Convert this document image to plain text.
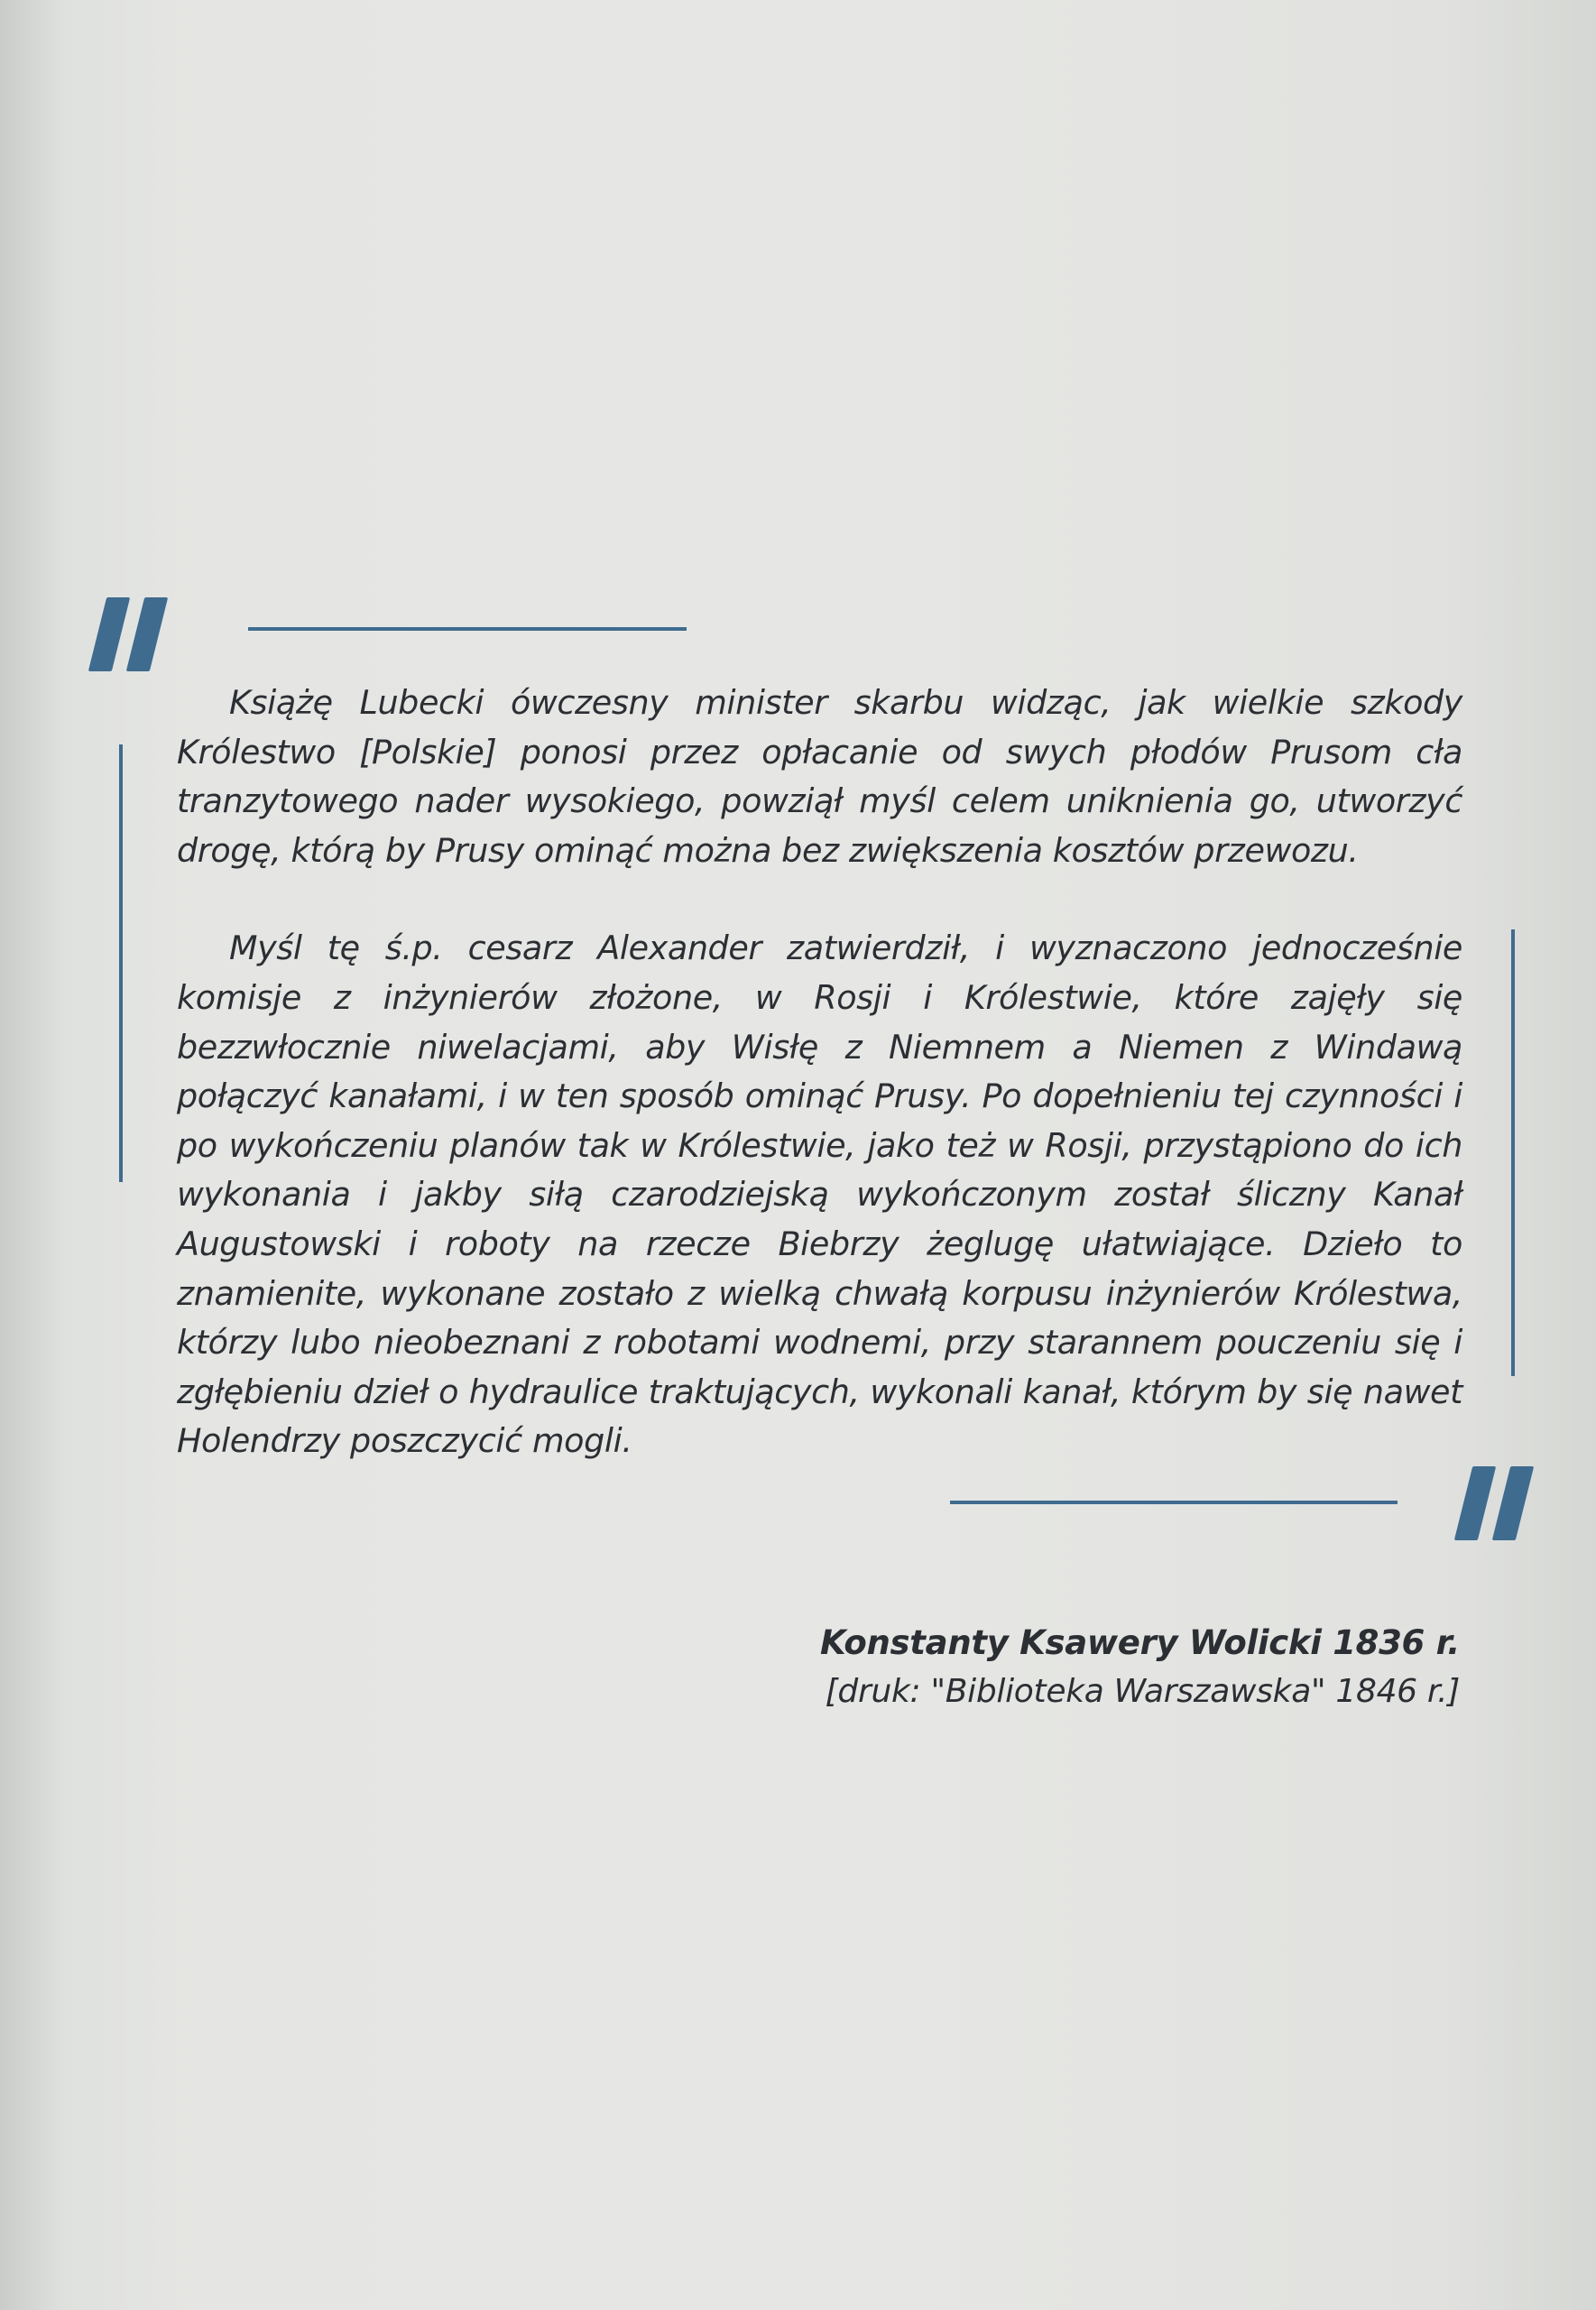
Książę Lubecki ówczesny minister skarbu widząc, jak wielkie szkody Królestwo [Polskie] ponosi przez opłacanie od swych płodów Prusom cła tranzytowego nader wysokiego, powziął myśl celem uniknienia go, utworzyć drogę, którą by Prusy ominąć można bez zwiększenia kosztów przewozu.

Myśl tę ś.p. cesarz Alexander zatwierdził, i wyznaczono jednocześnie komisje z inżynierów złożone, w Rosji i Królestwie, które zajęły się bezzwłocznie niwelacjami, aby Wisłę z Niemnem a Niemen z Windawą połączyć kanałami, i w ten sposób ominąć Prusy. Po dopełnieniu tej czynności i po wykończeniu planów tak w Królestwie, jako też w Rosji, przystąpiono do ich wykonania i jakby siłą czarodziejską wykończonym został śliczny Kanał Augustowski i roboty na rzecze Biebrzy żeglugę ułatwiające. Dzieło to znamienite, wykonane zostało z wielką chwałą korpusu inżynierów Królestwa, którzy lubo nieobeznani z robotami wodnemi, przy starannem pouczeniu się i zgłębieniu dzieł o hydraulice traktujących, wykonali kanał, którym by się nawet Holendrzy poszczycić mogli.

Konstanty Ksawery Wolicki 1836 r.
[druk: "Biblioteka Warszawska" 1846 r.]
